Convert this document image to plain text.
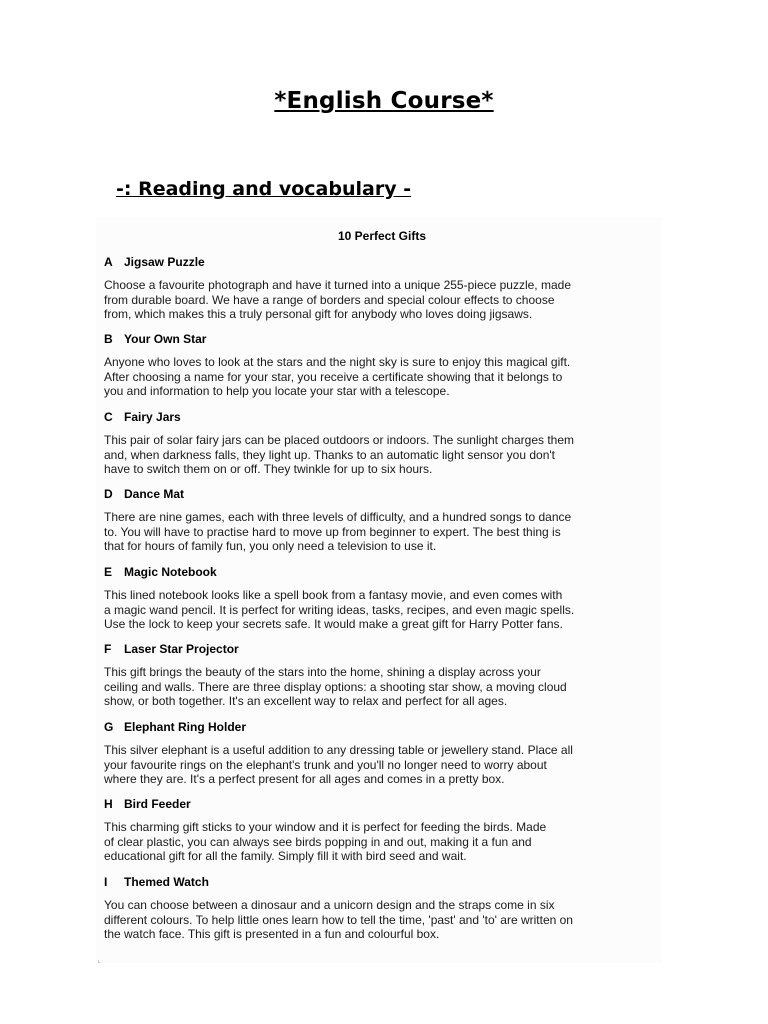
*English Course*
-: Reading and vocabulary -
10 Perfect Gifts
A Jigsaw Puzzle
Choose a favourite photograph and have it turned into a unique 255-piece puzzle, made
from durable board. We have a range of borders and special colour effects to choose
from, which makes this a truly personal gift for anybody who loves doing jigsaws.
B Your Own Star
Anyone who loves to look at the stars and the night sky is sure to enjoy this magical gift.
After choosing a name for your star, you receive a certificate showing that it belongs to
you and information to help you locate your star with a telescope.
C Fairy Jars
This pair of solar fairy jars can be placed outdoors or indoors. The sunlight charges them
and, when darkness falls, they light up. Thanks to an automatic light sensor you don't
have to switch them on or off. They twinkle for up to six hours.
D Dance Mat
There are nine games, each with three levels of difficulty, and a hundred songs to dance
to. You will have to practise hard to move up from beginner to expert. The best thing is
that for hours of family fun, you only need a television to use it.
E Magic Notebook
This lined notebook looks like a spell book from a fantasy movie, and even comes with
a magic wand pencil. It is perfect for writing ideas, tasks, recipes, and even magic spells.
Use the lock to keep your secrets safe. It would make a great gift for Harry Potter fans.
F Laser Star Projector
This gift brings the beauty of the stars into the home, shining a display across your
ceiling and walls. There are three display options: a shooting star show, a moving cloud
show, or both together. It's an excellent way to relax and perfect for all ages.
G Elephant Ring Holder
This silver elephant is a useful addition to any dressing table or jewellery stand. Place all
your favourite rings on the elephant's trunk and you'll no longer need to worry about
where they are. It's a perfect present for all ages and comes in a pretty box.
H Bird Feeder
This charming gift sticks to your window and it is perfect for feeding the birds. Made
of clear plastic, you can always see birds popping in and out, making it a fun and
educational gift for all the family. Simply fill it with bird seed and wait.
I Themed Watch
You can choose between a dinosaur and a unicorn design and the straps come in six
different colours. To help little ones learn how to tell the time, 'past' and 'to' are written on
the watch face. This gift is presented in a fun and colourful box.
˪
